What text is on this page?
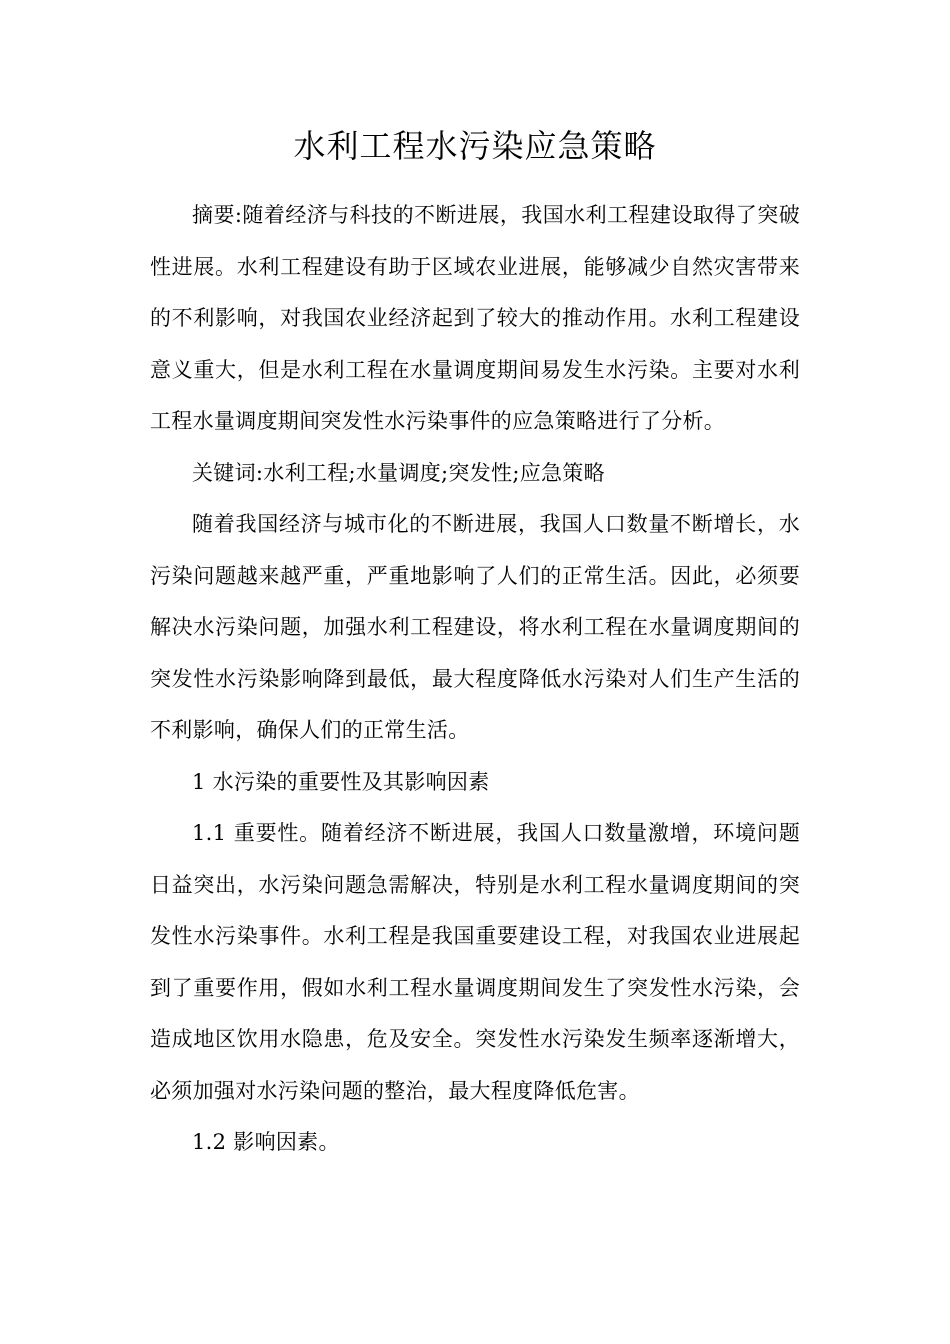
水利工程水污染应急策略

摘要:随着经济与科技的不断进展，我国水利工程建设取得了突破性进展。水利工程建设有助于区域农业进展，能够减少自然灾害带来的不利影响，对我国农业经济起到了较大的推动作用。水利工程建设意义重大，但是水利工程在水量调度期间易发生水污染。主要对水利工程水量调度期间突发性水污染事件的应急策略进行了分析。

关键词:水利工程;水量调度;突发性;应急策略

随着我国经济与城市化的不断进展，我国人口数量不断增长，水污染问题越来越严重，严重地影响了人们的正常生活。因此，必须要解决水污染问题，加强水利工程建设，将水利工程在水量调度期间的突发性水污染影响降到最低，最大程度降低水污染对人们生产生活的不利影响，确保人们的正常生活。

1 水污染的重要性及其影响因素

1.1 重要性。随着经济不断进展，我国人口数量激增，环境问题日益突出，水污染问题急需解决，特别是水利工程水量调度期间的突发性水污染事件。水利工程是我国重要建设工程，对我国农业进展起到了重要作用，假如水利工程水量调度期间发生了突发性水污染，会造成地区饮用水隐患，危及安全。突发性水污染发生频率逐渐增大，必须加强对水污染问题的整治，最大程度降低危害。

1.2 影响因素。
